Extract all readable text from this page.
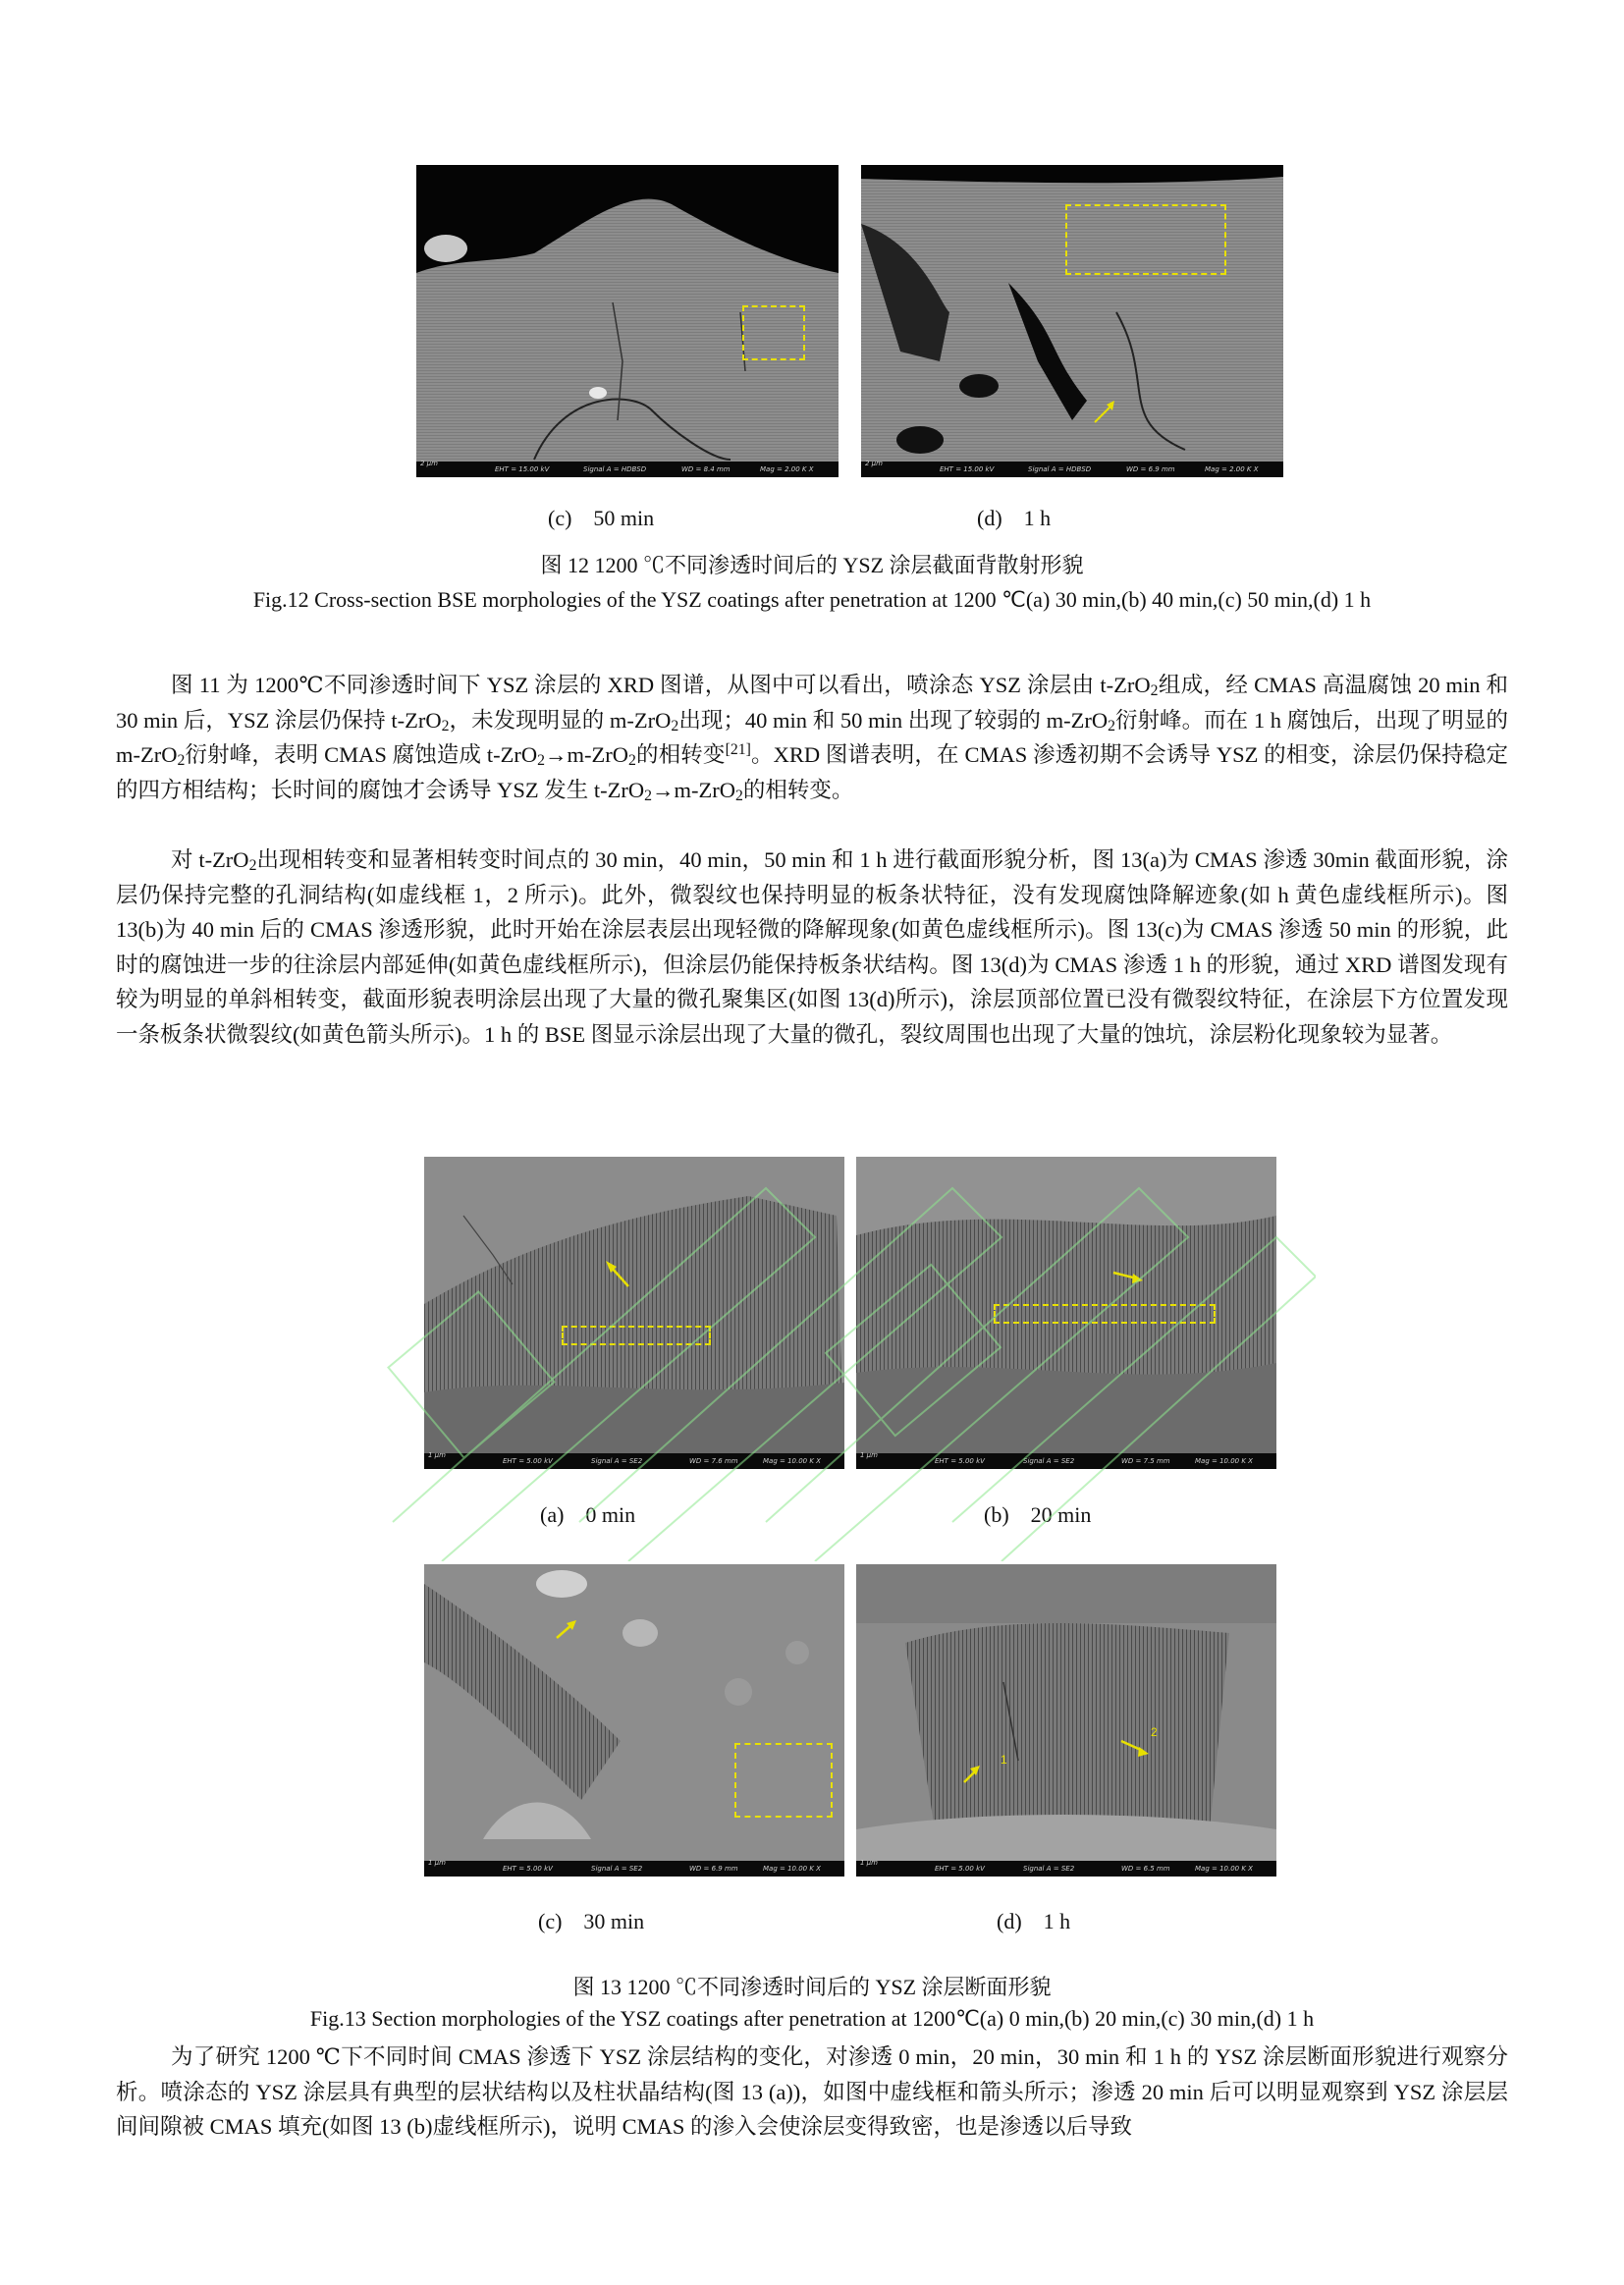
2 μm
EHT = 15.00 kV	Signal A = HDBSD	WD = 8.4 mm	Mag = 2.00 K X
2 μm
EHT = 15.00 kV	Signal A = HDBSD	WD = 6.9 mm	Mag = 2.00 K X
(c)    50 min	(d)    1 h
图 12 1200 ℃不同渗透时间后的 YSZ 涂层截面背散射形貌
Fig.12 Cross-section BSE morphologies of the YSZ coatings after penetration at 1200 ℃(a) 30 min,(b) 40 min,(c) 50 min,(d) 1 h
图 11 为 1200℃不同渗透时间下 YSZ 涂层的 XRD 图谱，从图中可以看出，喷涂态 YSZ 涂层由 t-ZrO$_2$组成，经 CMAS 高温腐蚀 20 min 和 30 min 后，YSZ 涂层仍保持 t-ZrO$_2$，未发现明显的 m-ZrO$_2$出现；40 min 和 50 min 出现了较弱的 m-ZrO$_2$衍射峰。而在 1 h 腐蚀后，出现了明显的 m-ZrO$_2$衍射峰，表明 CMAS 腐蚀造成 t-ZrO$_2$→m-ZrO$_2$的相转变[21]。XRD 图谱表明，在 CMAS 渗透初期不会诱导 YSZ 的相变，涂层仍保持稳定的四方相结构；长时间的腐蚀才会诱导 YSZ 发生 t-ZrO$_2$→m-ZrO$_2$的相转变。
对 t-ZrO$_2$出现相转变和显著相转变时间点的 30 min，40 min，50 min 和 1 h 进行截面形貌分析，图 13(a)为 CMAS 渗透 30min 截面形貌，涂层仍保持完整的孔洞结构(如虚线框 1，2 所示)。此外，微裂纹也保持明显的板条状特征，没有发现腐蚀降解迹象(如 h 黄色虚线框所示)。图 13(b)为 40 min 后的 CMAS 渗透形貌，此时开始在涂层表层出现轻微的降解现象(如黄色虚线框所示)。图 13(c)为 CMAS 渗透 50 min 的形貌，此时的腐蚀进一步的往涂层内部延伸(如黄色虚线框所示)，但涂层仍能保持板条状结构。图 13(d)为 CMAS 渗透 1 h 的形貌，通过 XRD 谱图发现有较为明显的单斜相转变，截面形貌表明涂层出现了大量的微孔聚集区(如图 13(d)所示)，涂层顶部位置已没有微裂纹特征，在涂层下方位置发现一条板条状微裂纹(如黄色箭头所示)。1 h 的 BSE 图显示涂层出现了大量的微孔，裂纹周围也出现了大量的蚀坑，涂层粉化现象较为显著。
1 μm
EHT = 5.00 kV	Signal A = SE2	WD = 7.6 mm	Mag = 10.00 K X
1 μm
EHT = 5.00 kV	Signal A = SE2	WD = 7.5 mm	Mag = 10.00 K X
(a)    0 min	(b)    20 min
1 μm
EHT = 5.00 kV	Signal A = SE2	WD = 6.9 mm	Mag = 10.00 K X
1
2
1 μm
EHT = 5.00 kV	Signal A = SE2	WD = 6.5 mm	Mag = 10.00 K X
(c)    30 min	(d)    1 h
图 13 1200 ℃不同渗透时间后的 YSZ 涂层断面形貌
Fig.13 Section morphologies of the YSZ coatings after penetration at 1200℃(a) 0 min,(b) 20 min,(c) 30 min,(d) 1 h
为了研究 1200 ℃下不同时间 CMAS 渗透下 YSZ 涂层结构的变化，对渗透 0 min，20 min，30 min 和 1 h 的 YSZ 涂层断面形貌进行观察分析。喷涂态的 YSZ 涂层具有典型的层状结构以及柱状晶结构(图 13 (a))，如图中虚线框和箭头所示；渗透 20 min 后可以明显观察到 YSZ 涂层层间间隙被 CMAS 填充(如图 13 (b)虚线框所示)，说明 CMAS 的渗入会使涂层变得致密，也是渗透以后导致
